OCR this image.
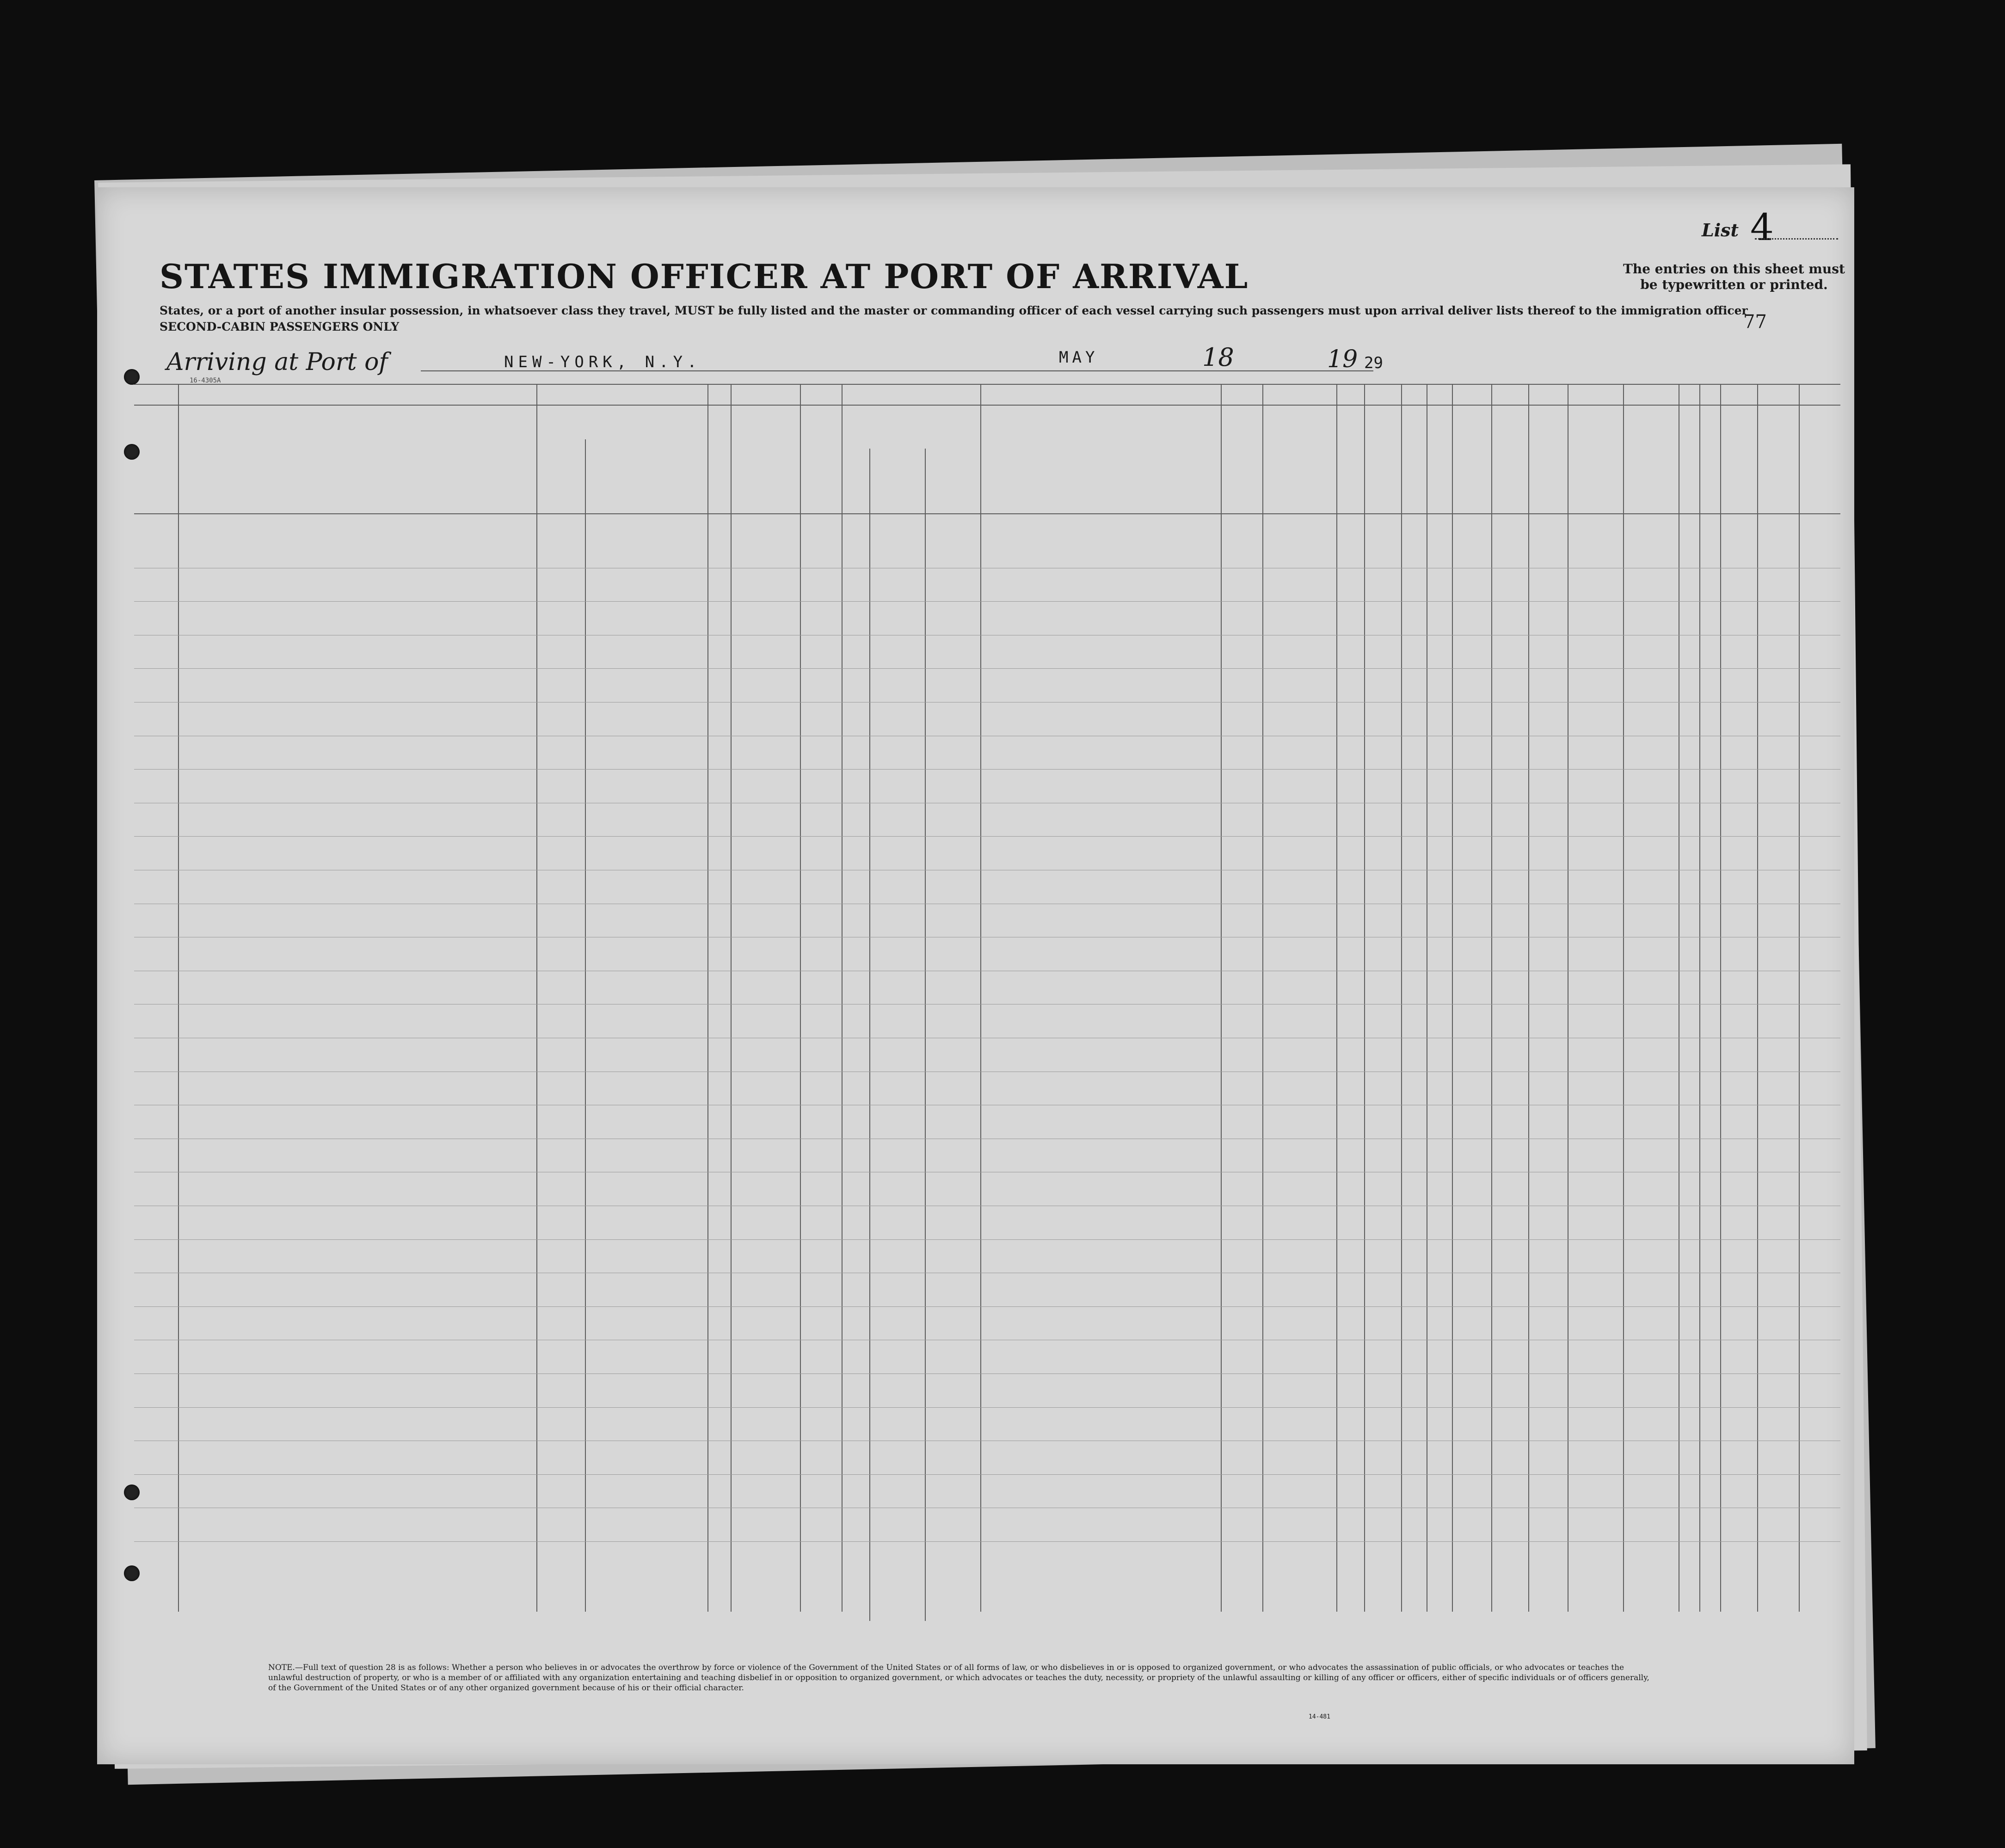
List 4
STATES IMMIGRATION OFFICER AT PORT OF ARRIVAL	The entries on this sheet must be typewritten or printed.
States, or a port of another insular possession, in whatsoever class they travel, MUST be fully listed and the master or commanding officer of each vessel carrying such passengers must upon arrival deliver lists thereof to the immigration officer
SECOND-CABIN PASSENGERS ONLY	77
Arriving at Port of	NEW-YORK, N.Y.	MAY	18	19 29
16-4305A
NOTE.—Full text of question 28 is as follows: Whether a person who believes in or advocates the overthrow by force or violence of the Government of the United States or of all forms of law, or who disbelieves in or is opposed to organized government, or who advocates the assassination of public officials, or who advocates or teaches the unlawful destruction of property, or who is a member of or affiliated with any organization entertaining and teaching disbelief in or opposition to organized government, or which advocates or teaches the duty, necessity, or propriety of the unlawful assaulting or killing of any officer or officers, either of specific individuals or of officers generally, of the Government of the United States or of any other organized government because of his or their official character.
14-481
